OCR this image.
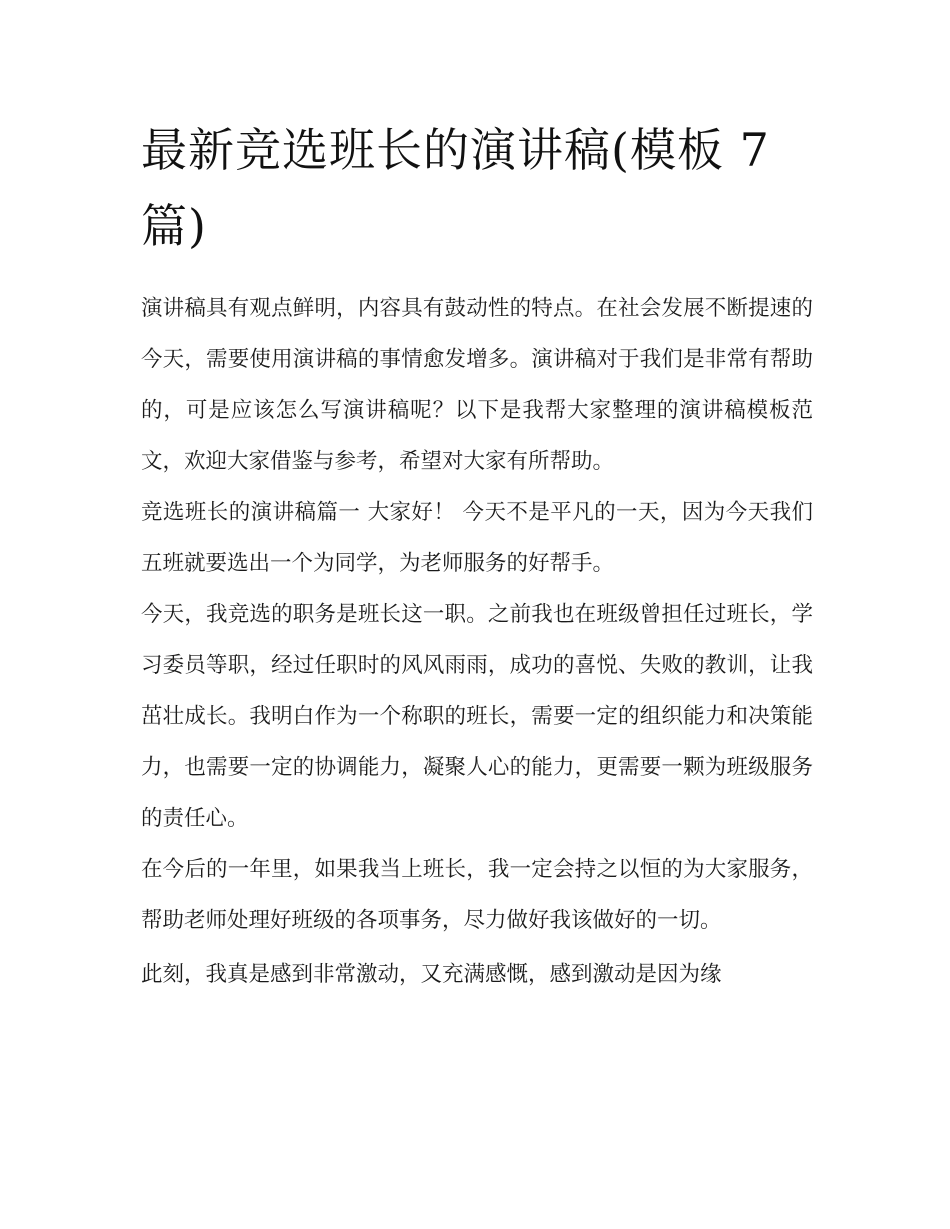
最新竞选班长的演讲稿(模板 7 篇)

演讲稿具有观点鲜明，内容具有鼓动性的特点。在社会发展不断提速的今天，需要使用演讲稿的事情愈发增多。演讲稿对于我们是非常有帮助的，可是应该怎么写演讲稿呢？以下是我帮大家整理的演讲稿模板范文，欢迎大家借鉴与参考，希望对大家有所帮助。

竞选班长的演讲稿篇一 大家好！ 今天不是平凡的一天，因为今天我们五班就要选出一个为同学，为老师服务的好帮手。

今天，我竞选的职务是班长这一职。之前我也在班级曾担任过班长，学习委员等职，经过任职时的风风雨雨，成功的喜悦、失败的教训，让我茁壮成长。我明白作为一个称职的班长，需要一定的组织能力和决策能力，也需要一定的协调能力，凝聚人心的能力，更需要一颗为班级服务的责任心。

在今后的一年里，如果我当上班长，我一定会持之以恒的为大家服务，帮助老师处理好班级的各项事务，尽力做好我该做好的一切。

此刻，我真是感到非常激动，又充满感慨，感到激动是因为缘
